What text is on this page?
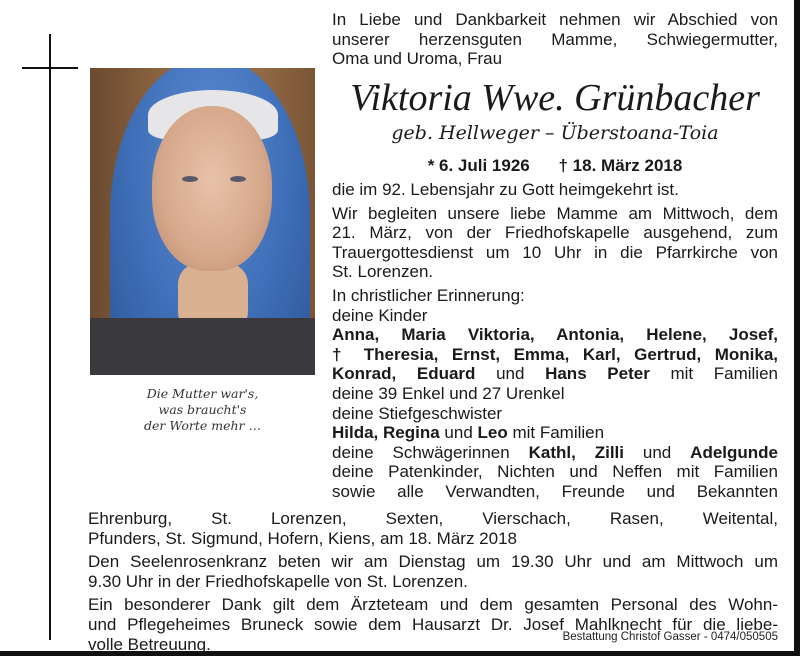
Die Mutter war's,
was braucht's
der Worte mehr …
In Liebe und Dankbarkeit nehmen wir Abschied von
unserer herzensguten Mamme, Schwiegermutter,
Oma und Uroma, Frau
Viktoria Wwe. Grünbacher
geb. Hellweger – Überstoana-Toia
* 6. Juli 1926 † 18. März 2018
die im 92. Lebensjahr zu Gott heimgekehrt ist.
Wir begleiten unsere liebe Mamme am Mittwoch, dem
21. März, von der Friedhofskapelle ausgehend, zum
Trauergottesdienst um 10 Uhr in die Pfarrkirche von
St. Lorenzen.
In christlicher Erinnerung:
deine Kinder
Anna, Maria Viktoria, Antonia, Helene, Josef,
† Theresia, Ernst, Emma, Karl, Gertrud, Monika,
Konrad, Eduard und Hans Peter mit Familien
deine 39 Enkel und 27 Urenkel
deine Stiefgeschwister
Hilda, Regina und Leo mit Familien
deine Schwägerinnen Kathl, Zilli und Adelgunde
deine Patenkinder, Nichten und Neffen mit Familien
sowie alle Verwandten, Freunde und Bekannten
Ehrenburg, St. Lorenzen, Sexten, Vierschach, Rasen, Weitental,
Pfunders, St. Sigmund, Hofern, Kiens, am 18. März 2018
Den Seelenrosenkranz beten wir am Dienstag um 19.30 Uhr und am Mittwoch um
9.30 Uhr in der Friedhofskapelle von St. Lorenzen.
Ein besonderer Dank gilt dem Ärzteteam und dem gesamten Personal des Wohn-
und Pflegeheimes Bruneck sowie dem Hausarzt Dr. Josef Mahlknecht für die liebe-
volle Betreuung.	Bestattung Christof Gasser - 0474/050505
